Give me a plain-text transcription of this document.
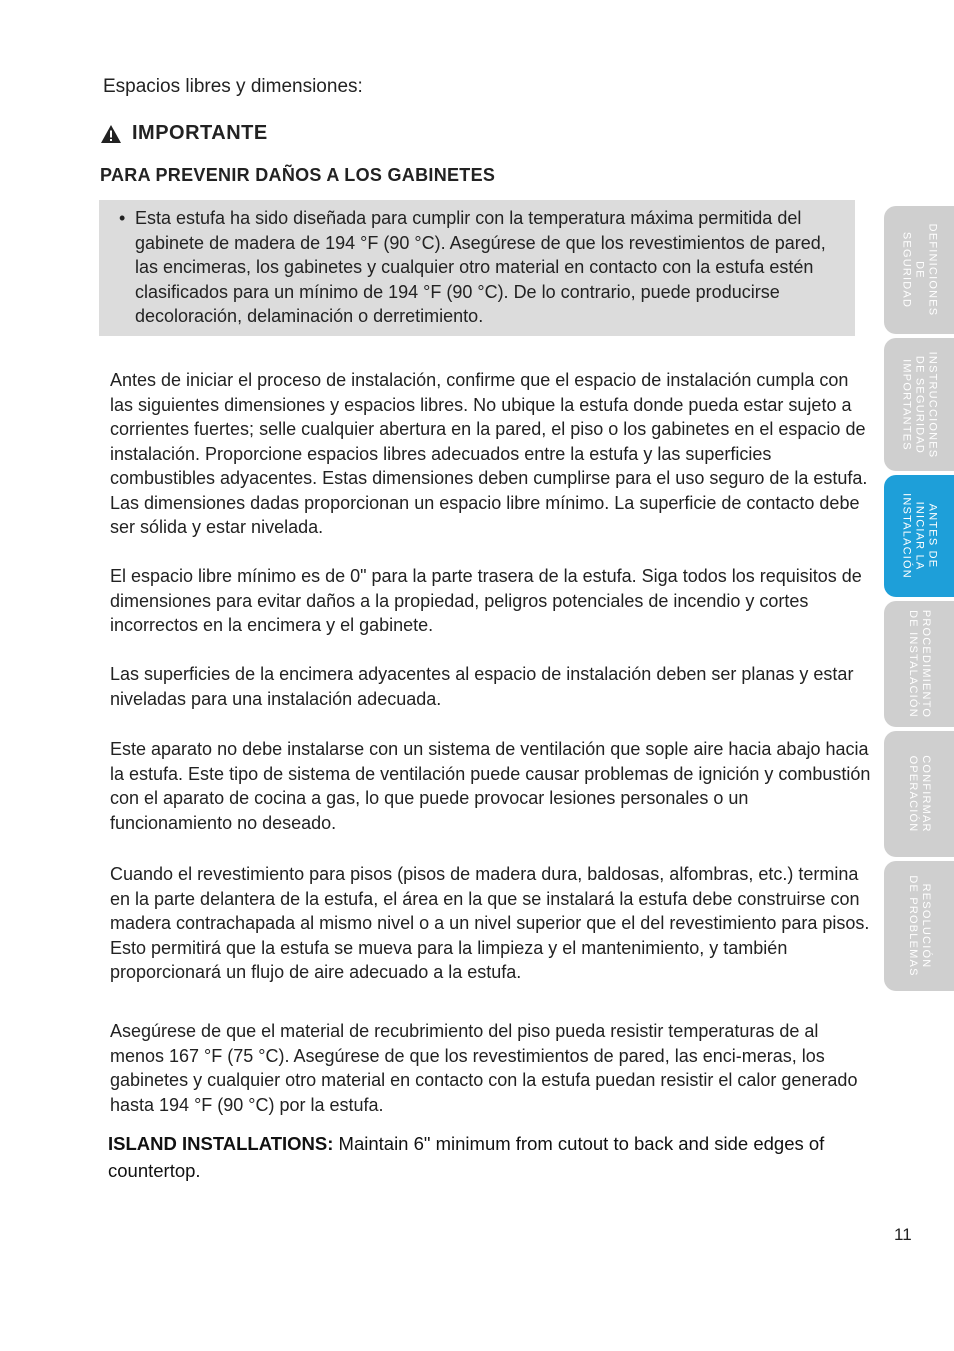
Espacios libres y dimensiones:
IMPORTANTE
PARA PREVENIR DAÑOS A LOS GABINETES
• Esta estufa ha sido diseñada para cumplir con la temperatura máxima permitida del gabinete de madera de 194 °F (90 °C). Asegúrese de que los revestimientos de pared, las encimeras, los gabinetes y cualquier otro material en contacto con la estufa estén clasificados para un mínimo de 194 °F (90 °C). De lo contrario, puede producirse decoloración, delaminación o derretimiento.
Antes de iniciar el proceso de instalación, confirme que el espacio de instalación cumpla con las siguientes dimensiones y espacios libres. No ubique la estufa donde pueda estar sujeto a corrientes fuertes; selle cualquier abertura en la pared, el piso o los gabinetes en el espacio de instalación. Proporcione espacios libres adecuados entre la estufa y las superficies combustibles adyacentes. Estas dimensiones deben cumplirse para el uso seguro de la estufa. Las dimensiones dadas proporcionan un espacio libre mínimo. La superficie de contacto debe ser sólida y estar nivelada.
El espacio libre mínimo es de 0" para la parte trasera de la estufa. Siga todos los requisitos de dimensiones para evitar daños a la propiedad, peligros potenciales de incendio y cortes incorrectos en la encimera y el gabinete.
Las superficies de la encimera adyacentes al espacio de instalación deben ser planas y estar niveladas para una instalación adecuada.
Este aparato no debe instalarse con un sistema de ventilación que sople aire hacia abajo hacia la estufa. Este tipo de sistema de ventilación puede causar problemas de ignición y combustión con el aparato de cocina a gas, lo que puede provocar lesiones personales o un funcionamiento no deseado.
Cuando el revestimiento para pisos (pisos de madera dura, baldosas, alfombras, etc.) termina en la parte delantera de la estufa, el área en la que se instalará la estufa debe construirse con madera contrachapada al mismo nivel o a un nivel superior que el del revestimiento para pisos. Esto permitirá que la estufa se mueva para la limpieza y el mantenimiento, y también proporcionará un flujo de aire adecuado a la estufa.
Asegúrese de que el material de recubrimiento del piso pueda resistir temperaturas de al menos 167 °F (75 °C). Asegúrese de que los revestimientos de pared, las enci-meras, los gabinetes y cualquier otro material en contacto con la estufa puedan resistir el calor generado hasta 194 °F (90 °C) por la estufa.
ISLAND INSTALLATIONS: Maintain 6" minimum from cutout to back and side edges of countertop.
11
DEFINICIONES
DE
SEGURIDAD
INSTRUCCIONES
DE SEGURIDAD
IMPORTANTES
ANTES DE
INICIAR LA
INSTALACIÓN
PROCEDIMIENTO
DE INSTALACIÓN
CONFIRMAR
OPERACIÓN
RESOLUCIÓN
DE PROBLEMAS
